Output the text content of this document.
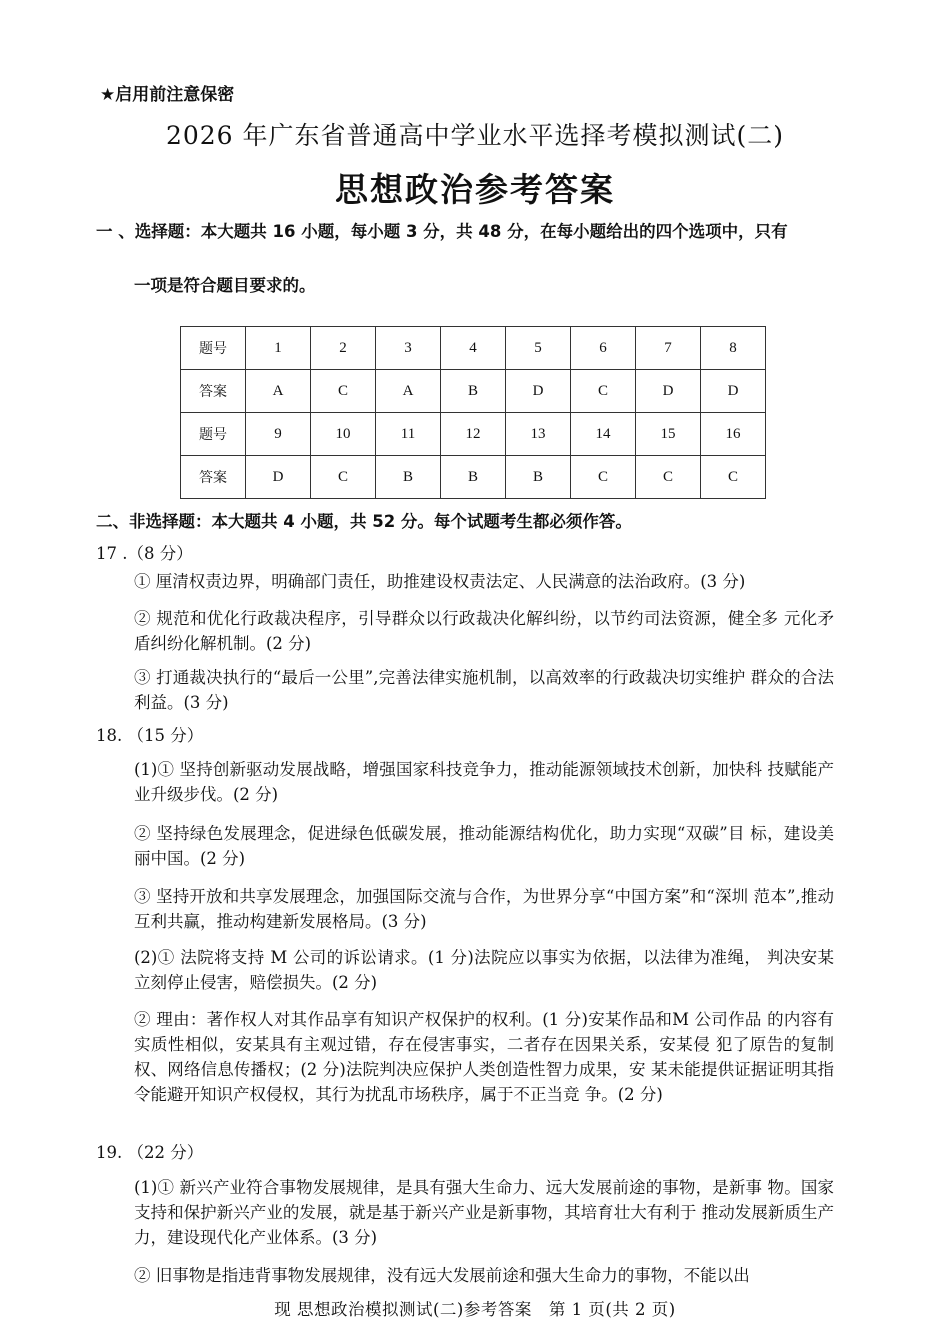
★启用前注意保密
2026 年广东省普通高中学业水平选择考模拟测试(二)
思想政治参考答案
一 、选择题：本大题共 16 小题，每小题 3 分，共 48 分，在每小题给出的四个选项中，只有
一项是符合题目要求的。
题号	1	2	3	4	5	6	7	8
答案	A	C	A	B	D	C	D	D
题号	9	10	11	12	13	14	15	16
答案	D	C	B	B	B	C	C	C
二、非选择题：本大题共 4 小题，共 52 分。每个试题考生都必须作答。
17 .（8 分）
① 厘清权责边界，明确部门责任，助推建设权责法定、人民满意的法治政府。(3 分)
② 规范和优化行政裁决程序，引导群众以行政裁决化解纠纷，以节约司法资源，健全多 元化矛盾纠纷化解机制。(2 分)
③ 打通裁决执行的“最后一公里”,完善法律实施机制，以高效率的行政裁决切实维护 群众的合法利益。(3 分)
18. （15 分）
(1)① 坚持创新驱动发展战略，增强国家科技竞争力，推动能源领域技术创新，加快科 技赋能产业升级步伐。(2 分)
② 坚持绿色发展理念，促进绿色低碳发展，推动能源结构优化，助力实现“双碳”目 标，建设美丽中国。(2 分)
③ 坚持开放和共享发展理念，加强国际交流与合作，为世界分享“中国方案”和“深圳 范本”,推动互利共赢，推动构建新发展格局。(3 分)
(2)① 法院将支持 M 公司的诉讼请求。(1 分)法院应以事实为依据，以法律为准绳， 判决安某立刻停止侵害，赔偿损失。(2 分)
② 理由：著作权人对其作品享有知识产权保护的权利。(1 分)安某作品和M 公司作品 的内容有实质性相似，安某具有主观过错，存在侵害事实，二者存在因果关系，安某侵 犯了原告的复制权、网络信息传播权；(2 分)法院判决应保护人类创造性智力成果，安 某未能提供证据证明其指令能避开知识产权侵权，其行为扰乱市场秩序，属于不正当竞 争。(2 分)
19. （22 分）
(1)① 新兴产业符合事物发展规律，是具有强大生命力、远大发展前途的事物，是新事 物。国家支持和保护新兴产业的发展，就是基于新兴产业是新事物，其培育壮大有利于 推动发展新质生产力，建设现代化产业体系。(3 分)
② 旧事物是指违背事物发展规律，没有远大发展前途和强大生命力的事物，不能以出
现 思想政治模拟测试(二)参考答案　第 1 页(共 2 页)
